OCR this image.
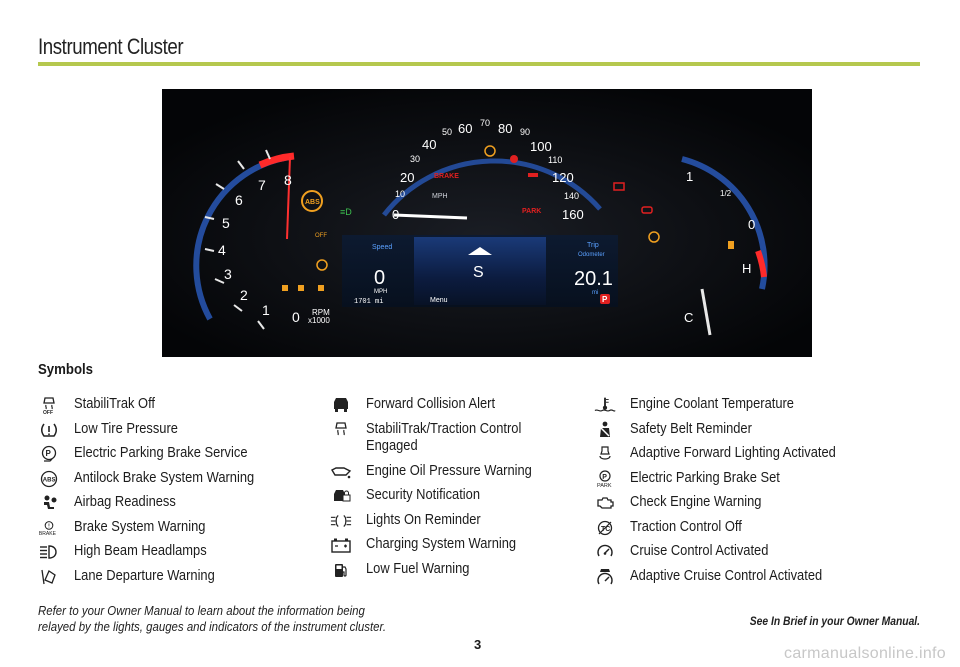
Instrument Cluster
0
1
2
3
4
5
6
7 8
RPM
x1000
ABS
OFF
≡D	0
10
20
30
40
50 60 70 80 90
100
110
120
140
160
MPH
BRAKE
PARK
S
Menu
Speed
0
MPH
1701 mi
Trip
Odometer
20.1
mi
P
1
1/2
0
H
C
Symbols
OFF
StabiliTrak Off
Low Tire Pressure
P Electric Parking Brake Service
ABS Antilock Brake System Warning
Airbag Readiness
!
BRAKE Brake System Warning
High Beam Headlamps
Lane Departure Warning
Forward Collision Alert
StabiliTrak/Traction Control Engaged
Engine Oil Pressure Warning
Security Notification
Lights On Reminder
Charging System Warning
Low Fuel Warning
Engine Coolant Temperature
Safety Belt Reminder
Adaptive Forward Lighting Activated
P
PARK Electric Parking Brake Set
Check Engine Warning
TC Traction Control Off
Cruise Control Activated
Adaptive Cruise Control Activated
Refer to your Owner Manual to learn about the information being
relayed by the lights, gauges and indicators of the instrument cluster.	See In Brief in your Owner Manual.
3
carmanualsonline.info
